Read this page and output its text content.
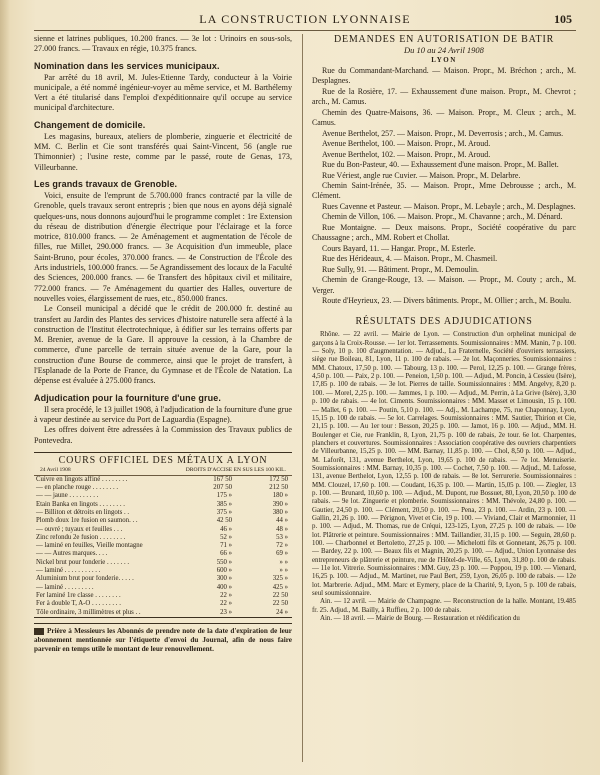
LA CONSTRUCTION LYONNAISE	105

sienne et latrines publiques, 10.200 francs. — 3e lot : Urinoirs en sous-sols, 27.000 francs. — Travaux en régie, 10.375 francs.

Nomination dans les services municipaux.

Par arrêté du 18 avril, M. Jules-Etienne Tardy, conducteur à la Voirie municipale, a été nommé ingénieur-voyer au même service, et M. Barthélemy Vert a été titularisé dans l'emploi d'expéditionnaire qu'il occupe au service municipal d'architecture.

Changement de domicile.

Les magasins, bureaux, ateliers de plomberie, zinguerie et électricité de MM. C. Berlin et Cie sont transférés quai Saint-Vincent, 56 (angle rue Thimonnier) ; l'usine reste, comme par le passé, route de Genas, 173, Villeurbanne.

Les grands travaux de Grenoble.

Voici, ensuite de l'emprunt de 5.700.000 francs contracté par la ville de Grenoble, quels travaux seront entrepris ; bien que nous en ayons déjà signalé quelques-uns, nous donnons aujourd'hui le programme complet : 1re Extension du réseau de distribution d'énergie électrique pour l'éclairage et la force motrice, 810.000 francs. — 2e Aménagement et augmentation de l'école de filles, rue Millet, 290.000 francs. — 3e Acquisition d'un immeuble, place Saint-Bruno, pour écoles, 370.000 francs. — 4e Construction de l'École des Arts industriels, 100.000 francs. — 5e Agrandissement des locaux de la Faculté des Sciences, 200.000 francs. — 6e Transfert des hôpitaux civil et militaire, 772.000 francs. — 7e Aménagement du quartier des Halles, ouverture de nouvelles voies, élargissement de rues, etc., 850.000 francs.

Le Conseil municipal a décidé que le crédit de 200.000 fr. destiné au transfert au Jardin des Plantes des services d'histoire naturelle sera affecté à la construction de l'Institut électrotechnique, à édifier sur les terrains offerts par M. Brenier, avenue de la Gare. Il approuve la cession, à la Chambre de commerce, d'une parcelle de terrain située avenue de la Gare, pour la construction d'une Bourse de commerce, ainsi que le projet de transfert, à l'Esplanade de la Porte de France, du Gymnase et de l'École de Natation. La dépense est évaluée à 275.000 francs.

Adjudication pour la fourniture d'une grue.

Il sera procédé, le 13 juillet 1908, à l'adjudication de la fourniture d'une grue à vapeur destinée au service du Port de Laguardia (Espagne).

Les offres doivent être adressées à la Commission des Travaux publics de Pontevedra.

COURS OFFICIEL DES MÉTAUX A LYON
24 Avril 1908	DROITS D'ACCISE EN SUS LES 100 KIL.
Cuivre en lingots affiné . . . . . . . .	167 50	172 50
— en planche rouge . . . . . . . .	207 50	212 50
— — jaune . . . . . . . . .	175 »	180 »
Étain Banka en lingots . . . . . . . .	385 »	390 »
— Billiton et détroits en lingots . .	375 »	380 »
Plomb doux 1re fusion en saumon. . .	42 50	44 »
— ouvré ; tuyaux et feuilles . . .	46 »	48 »
Zinc refondu 2e fusion . . . . . . . .	52 »	53 »
— laminé en feuilles, Vieille montagne	71 »	72 »
— — Autres marques. . . .	66 »	69 »
Nickel brut pour fonderie . . . . . . .	550 »	» »
— laminé . . . . . . . . . . .	600 »	» »
Aluminium brut pour fonderie. . . . .	300 »	325 »
— laminé . . . . . . . . .	400 »	425 »
Fer laminé 1re classe . . . . . . . .	22 »	22 50
Fer à double T, A-O . . . . . . . . .	22 »	22 50
Tôle ordinaire, 3 millimètres et plus . .	23 »	24 »
Prière à Messieurs les Abonnés de prendre note de la date d'expiration de leur abonnement mentionnée sur l'étiquette d'envoi du Journal, afin de nous faire parvenir en temps utile le montant de leur renouvellement.

DEMANDES EN AUTORISATION DE BATIR

Du 10 au 24 Avril 1908

LYON

Rue du Commandant-Marchand. — Maison. Propr., M. Bréchon ; arch., M. Desplagnes.

Rue de la Rosière, 17. — Exhaussement d'une maison. Propr., M. Chevrot ; arch., M. Camus.

Chemin des Quatre-Maisons, 36. — Maison. Propr., M. Cleux ; arch., M. Camus.

Avenue Berthelot, 257. — Maison. Propr., M. Deverrosis ; arch., M. Camus.

Avenue Berthelot, 100. — Maison. Propr., M. Aroud.

Avenue Berthelot, 102. — Maison. Propr., M. Aroud.

Rue du Bon-Pasteur, 40. — Exhaussement d'une maison. Propr., M. Ballet.

Rue Vériest, angle rue Cuvier. — Maison. Propr., M. Delarbre.

Chemin Saint-Irénée, 35. — Maison. Propr., Mme Debrousse ; arch., M. Clément.

Rues Cavenne et Pasteur. — Maison. Propr., M. Lebayle ; arch., M. Desplagnes.

Chemin de Villon, 106. — Maison. Propr., M. Chavanne ; arch., M. Dénard.

Rue Montaigne. — Deux maisons. Propr., Société coopérative du parc Chaussagne ; arch., MM. Robert et Chollat.

Cours Bayard, 11. — Hangar. Propr., M. Esterle.

Rue des Hérideaux, 4. — Maison. Propr., M. Chasmeil.

Rue Sully, 91. — Bâtiment. Propr., M. Demoulin.

Chemin de Grange-Rouge, 13. — Maison. — Propr., M. Couty ; arch., M. Verger.

Route d'Heyrieux, 23. — Divers bâtiments. Propr., M. Ollier ; arch., M. Boulu.

RÉSULTATS DES ADJUDICATIONS

Rhône. — 22 avril. — Mairie de Lyon. — Construction d'un orphelinat municipal de garçons à la Croix-Rousse. — 1er lot. Terrassements. Soumissionnaires : MM. Manin, 7 p. 100. — Soly, 10 p. 100 d'augmentation. — Adjud., La Fraternelle, Société d'ouvriers terrassiers, siège rue Boileau, 81, Lyon, 11 p. 100 de rabais. — 2e lot. Maçonneries. Soumissionnaires : MM. Chatoux, 17,50 p. 100. — Tabourg, 13 p. 100. — Perol, 12,25 p. 100. — Grange frères, 4,50 p. 100. — Paix, 2 p. 100. — Peneion, 1,50 p. 100. — Adjud., M. Poncin, à Cessieu (Isère), 17,85 p. 100 de rabais. — 3e lot. Pierres de taille. Soumissionnaires : MM. Angelvy, 8,20 p. 100. — Morel, 2,25 p. 100. — Jammes, 1 p. 100. — Adjud., M. Perrin, à La Grive (Isère), 3,30 p. 100 de rabais. — 4e lot. Ciments. Soumissionnaires : MM. Masset et Limousin, 15 p. 100. — Mallet, 6 p. 100. — Poutin, 5,10 p. 100. — Adj., M. Lachampe, 75, rue Chaponnay, Lyon, 15,15 p. 100 de rabais. — 5e lot. Carrelages. Soumissionnaires : MM. Sautier, Thirion et Cie, 21,15 p. 100. — Au 1er tour : Besson, 20,25 p. 100. — Jamot, 16 p. 100. — Adjud., MM. H. Boulenger et Cie, rue Franklin, 8, Lyon, 21,75 p. 100 de rabais, 2e tour. 6e lot. Charpentes, planchers et couvertures. Soumissionnaires : Association coopérative des ouvriers charpentiers de Villeurbanne, 15,25 p. 100. — MM. Barnay, 11,85 p. 100. — Chol, 8,50 p. 100. — Adjud., M. Laforêt, 131, avenue Berthelot, Lyon, 19,65 p. 100 de rabais. — 7e lot. Menuiserie. Soumissionnaires : MM. Barnay, 10,35 p. 100. — Cochet, 7,50 p. 100. — Adjud., M. Lafosse, 131, avenue Berthelot, Lyon, 12,55 p. 100 de rabais. — 8e lot. Serrurerie. Soumissionnaires : MM. Clouzel, 17,60 p. 100. — Coudant, 16,35 p. 100. — Martin, 15,05 p. 100. — Ziegler, 13 p. 100. — Brunard, 10,60 p. 100. — Adjud., M. Dupont, rue Bossuet, 80, Lyon, 20,50 p. 100 de rabais. — 9e lot. Zinguerie et plomberie. Soumissionnaires : MM. Thévole, 24,80 p. 100. — Gautier, 24,50 p. 100. — Clément, 20,50 p. 100. — Pena, 23 p. 100. — Ardin, 23 p. 100. — Gallin, 21,26 p. 100. — Pérignon, Vivet et Cie, 19 p. 100. — Viviand, Clair et Marmonnier, 11 p. 100. — Adjud., M. Thomas, rue de Créqui, 123-125, Lyon, 27,25 p. 100 de rabais. — 10e lot. Plâtrerie et peinture. Soumissionnaires : MM. Taillandier, 31,15 p. 100. — Seguin, 28,60 p. 100. — Charbonnel et Bertoletto, 27,25 p. 100. — Michelotti fils et Gonnetant, 26,75 p. 100. — Bardey, 22 p. 100. — Beaux fils et Magnin, 20,25 p. 100. — Adjud., Union Lyonnaise des entrepreneurs de plâtrerie et peinture, rue de l'Hôtel-de-Ville, 65, Lyon, 31,80 p. 100 de rabais. — 11e lot. Vitrerie. Soumissionnaires : MM. Guy, 23 p. 100. — Poppou, 19 p. 100. — Vienard, 16,25 p. 100. — Adjud., M. Martinet, rue Paul Bert, 259, Lyon, 26,05 p. 100 de rabais. — 12e lot. Marbrerie. Adjud., MM. Marc et Eymery, place de la Charité, 9, Lyon, 5 p. 100 de rabais, seul soumissionnaire.

Ain. — 12 avril. — Mairie de Champagne. — Reconstruction de la halle. Montant, 19.485 fr. 25. Adjud., M. Bailly, à Ruffieu, 2 p. 100 de rabais.

Ain. — 18 avril. — Mairie de Bourg. — Restauration et réédification du
